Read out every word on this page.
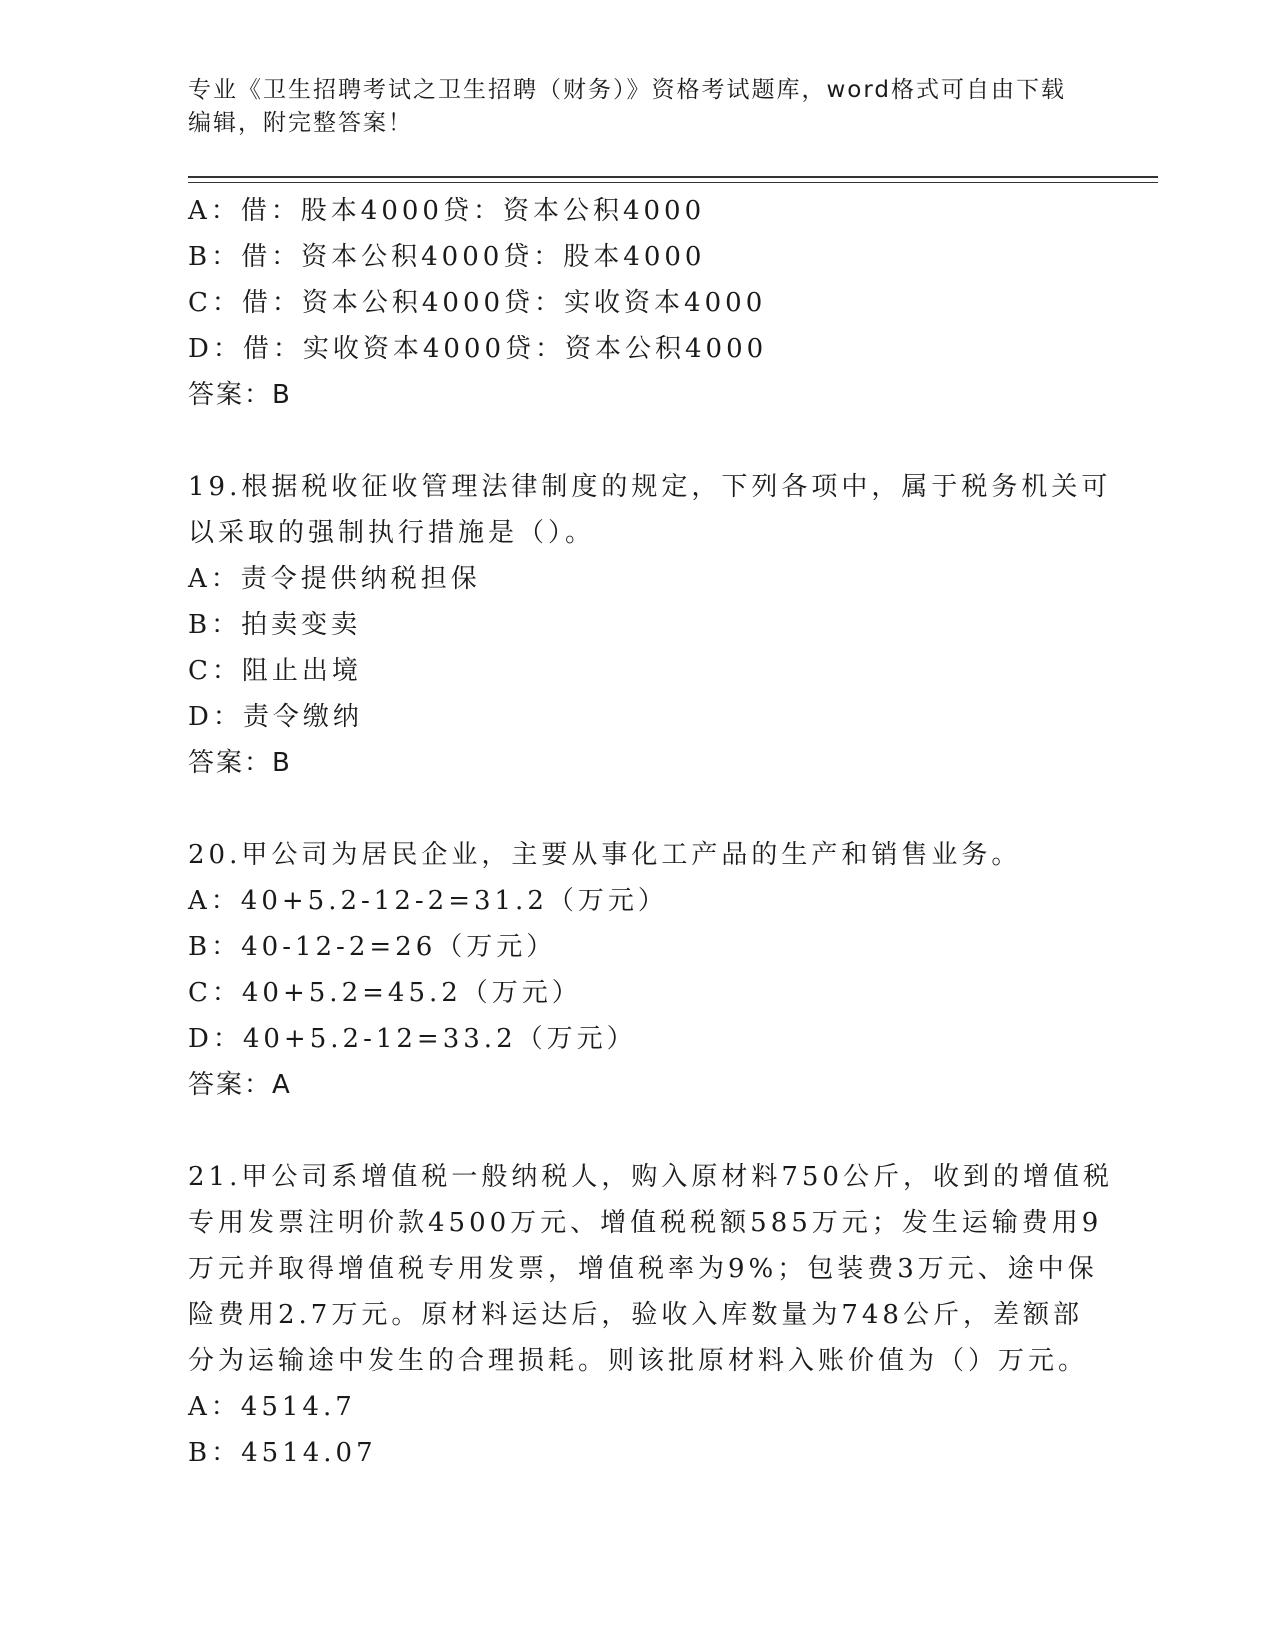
专业《卫生招聘考试之卫生招聘（财务）》资格考试题库，word格式可自由下载
编辑，附完整答案！
A：借：股本4000贷：资本公积4000
B：借：资本公积4000贷：股本4000
C：借：资本公积4000贷：实收资本4000
D：借：实收资本4000贷：资本公积4000
答案：B
19.根据税收征收管理法律制度的规定，下列各项中，属于税务机关可
以采取的强制执行措施是（）。
A：责令提供纳税担保
B：拍卖变卖
C：阻止出境
D：责令缴纳
答案：B
20.甲公司为居民企业，主要从事化工产品的生产和销售业务。
A：40+5.2-12-2=31.2（万元）
B：40-12-2=26（万元）
C：40+5.2=45.2（万元）
D：40+5.2-12=33.2（万元）
答案：A
21.甲公司系增值税一般纳税人，购入原材料750公斤，收到的增值税
专用发票注明价款4500万元、增值税税额585万元；发生运输费用9
万元并取得增值税专用发票，增值税率为9%；包装费3万元、途中保
险费用2.7万元。原材料运达后，验收入库数量为748公斤，差额部
分为运输途中发生的合理损耗。则该批原材料入账价值为（）万元。
A：4514.7
B：4514.07
